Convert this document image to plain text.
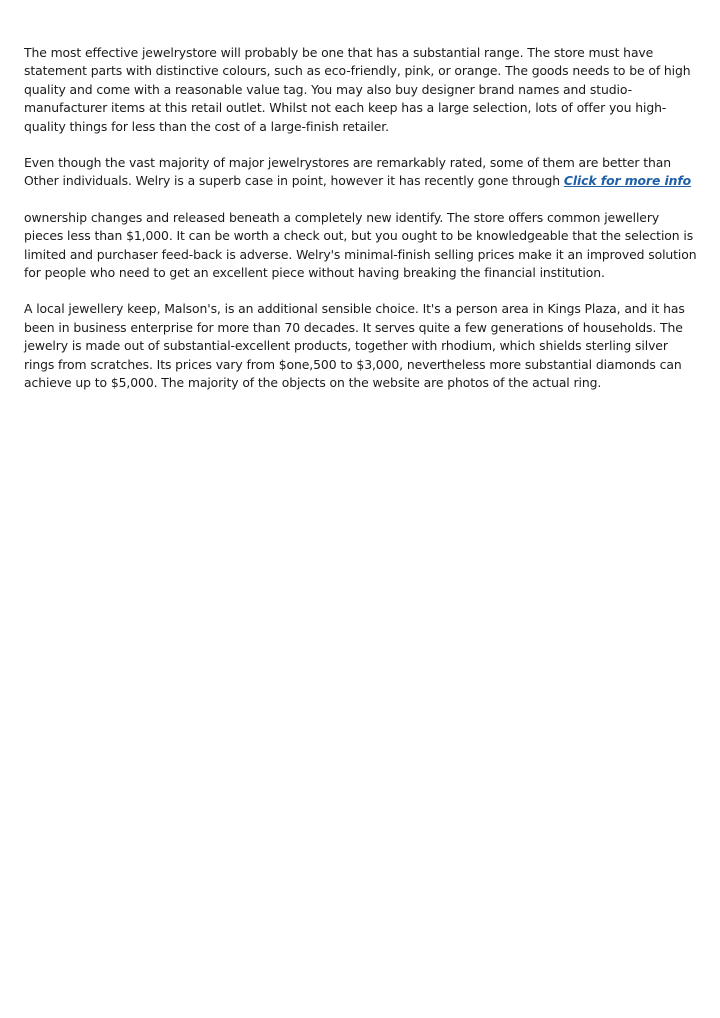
The most effective jewelrystore will probably be one that has a substantial range. The store must have statement parts with distinctive colours, such as eco-friendly, pink, or orange. The goods needs to be of high quality and come with a reasonable value tag. You may also buy designer brand names and studio-manufacturer items at this retail outlet. Whilst not each keep has a large selection, lots of offer you high-quality things for less than the cost of a large-finish retailer.

Even though the vast majority of major jewelrystores are remarkably rated, some of them are better than Other individuals. Welry is a superb case in point, however it has recently gone through Click for more info

ownership changes and released beneath a completely new identify. The store offers common jewellery pieces less than $1,000. It can be worth a check out, but you ought to be knowledgeable that the selection is limited and purchaser feed-back is adverse. Welry's minimal-finish selling prices make it an improved solution for people who need to get an excellent piece without having breaking the financial institution.

A local jewellery keep, Malson's, is an additional sensible choice. It's a person area in Kings Plaza, and it has been in business enterprise for more than 70 decades. It serves quite a few generations of households. The jewelry is made out of substantial-excellent products, together with rhodium, which shields sterling silver rings from scratches. Its prices vary from $one,500 to $3,000, nevertheless more substantial diamonds can achieve up to $5,000. The majority of the objects on the website are photos of the actual ring.
